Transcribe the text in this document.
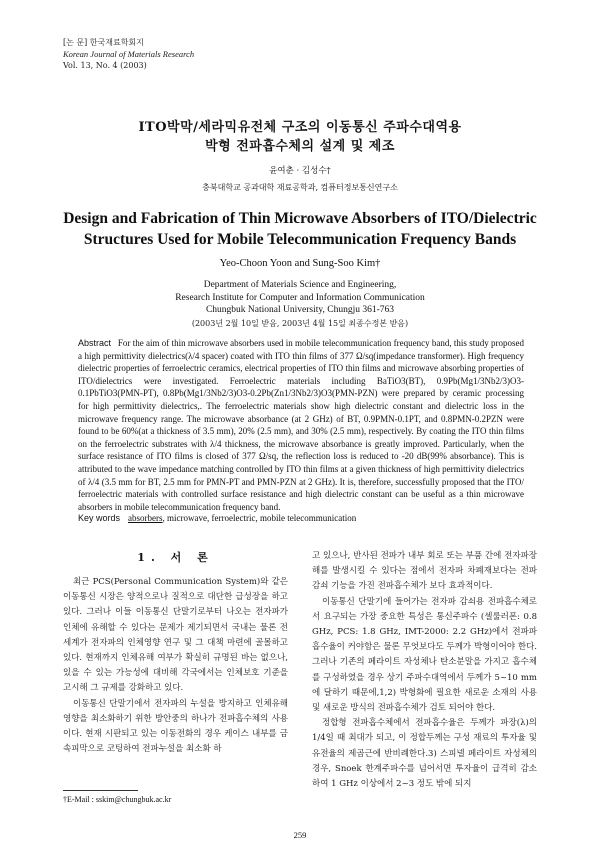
[논 문] 한국재료학회지
Korean Journal of Materials Research
Vol. 13, No. 4 (2003)
ITO박막/세라믹유전체 구조의 이동통신 주파수대역용
박형 전파흡수체의 설계 및 제조
윤여춘 · 김성수†
충북대학교 공과대학 재료공학과, 컴퓨터정보통신연구소
Design and Fabrication of Thin Microwave Absorbers of ITO/Dielectric
Structures Used for Mobile Telecommunication Frequency Bands
Yeo-Choon Yoon and Sung-Soo Kim†
Department of Materials Science and Engineering,
Research Institute for Computer and Information Communication
Chungbuk National University, Chungju 361-763
(2003년 2월 10일 받음, 2003년 4월 15일 최종수정본 받음)
Abstract For the aim of thin microwave absorbers used in mobile telecommunication frequency band, this study proposed a high permittivity dielectrics(λ/4 spacer) coated with ITO thin films of 377 Ω/sq(impedance transformer). High frequency dielectric properties of ferroelectric ceramics, electrical properties of ITO thin films and microwave absorbing properties of ITO/dielectrics were investigated. Ferroelectric materials including BaTiO3(BT), 0.9Pb(Mg1/3Nb2/3)O3-0.1PbTiO3(PMN-PT), 0.8Pb(Mg1/3Nb2/3)O3-0.2Pb(Zn1/3Nb2/3)O3(PMN-PZN) were prepared by ceramic processing for high permittivity dielectrics,. The ferroelectric materials show high dielectric constant and dielectric loss in the microwave frequency range. The microwave absorbance (at 2 GHz) of BT, 0.9PMN-0.1PT, and 0.8PMN-0.2PZN were found to be 60%(at a thickness of 3.5 mm), 20% (2.5 mm), and 30% (2.5 mm), respectively. By coating the ITO thin films on the ferroelectric substrates with λ/4 thickness, the microwave absorbance is greatly improved. Particularly, when the surface resistance of ITO films is closed of 377 Ω/sq, the reflection loss is reduced to -20 dB(99% absorbance). This is attributed to the wave impedance matching controlled by ITO thin films at a given thickness of high permittivity dielectrics of λ/4 (3.5 mm for BT, 2.5 mm for PMN-PT and PMN-PZN at 2 GHz). It is, therefore, successfully proposed that the ITO/ ferroelectric materials with controlled surface resistance and high dielectric constant can be useful as a thin microwave absorbers in mobile telecommunication frequency band.
Key words absorbers, microwave, ferroelectric, mobile telecommunication
1. 서 론

최근 PCS(Personal Communication System)와 같은 이동통신 시장은 양적으로나 질적으로 대단한 급성장을 하고 있다. 그러나 이들 이동통신 단말기로부터 나오는 전자파가 인체에 유해할 수 있다는 문제가 제기되면서 국내는 물론 전 세계가 전자파의 인체영향 연구 및 그 대책 마련에 골몰하고 있다. 현재까지 인체유해 여부가 확실히 규명된 바는 없으나, 있을 수 있는 가능성에 대비해 각국에서는 인체보호 기준을 고시해 그 규제를 강화하고 있다.

이동통신 단말기에서 전자파의 누설을 방지하고 인체유해 영향을 최소화하기 위한 방안중의 하나가 전파흡수체의 사용이다. 현재 시판되고 있는 이동전화의 경우 케이스 내부를 금속피막으로 코팅하여 전파누설을 최소화 하

고 있으나, 반사된 전파가 내부 회로 또는 부품 간에 전자파장해를 발생시킬 수 있다는 점에서 전자파 차폐재보다는 전파 감쇠 기능을 가진 전파흡수체가 보다 효과적이다.

이동통신 단말기에 들어가는 전자파 감쇠용 전파흡수체로서 요구되는 가장 중요한 특성은 통신주파수 (셀룰러폰: 0.8 GHz, PCS: 1.8 GHz, IMT-2000: 2.2 GHz)에서 전파파 흡수율이 커야함은 물론 무엇보다도 두께가 박형이어야 한다. 그러나 기존의 페라이트 자성체나 탄소분말을 가지고 흡수체를 구성하였을 경우 상기 주파수대역에서 두께가 5~10 mm에 달하기 때문에,1,2) 박형화에 필요한 새로운 소재의 사용 및 새로운 방식의 전파흡수체가 검토 되어야 한다.

정합형 전파흡수체에서 전파흡수율은 두께가 파장(λ)의 1/4일 때 최대가 되고, 이 정합두께는 구성 재료의 투자율 및 유전율의 제곱근에 반비례한다.3) 스피넬 페라이트 자성체의 경우, Snoek 한계주파수를 넘어서면 투자율이 급격히 감소하여 1 GHz 이상에서 2~3 정도 밖에 되지

†E-Mail : sskim@chungbuk.ac.kr
259
